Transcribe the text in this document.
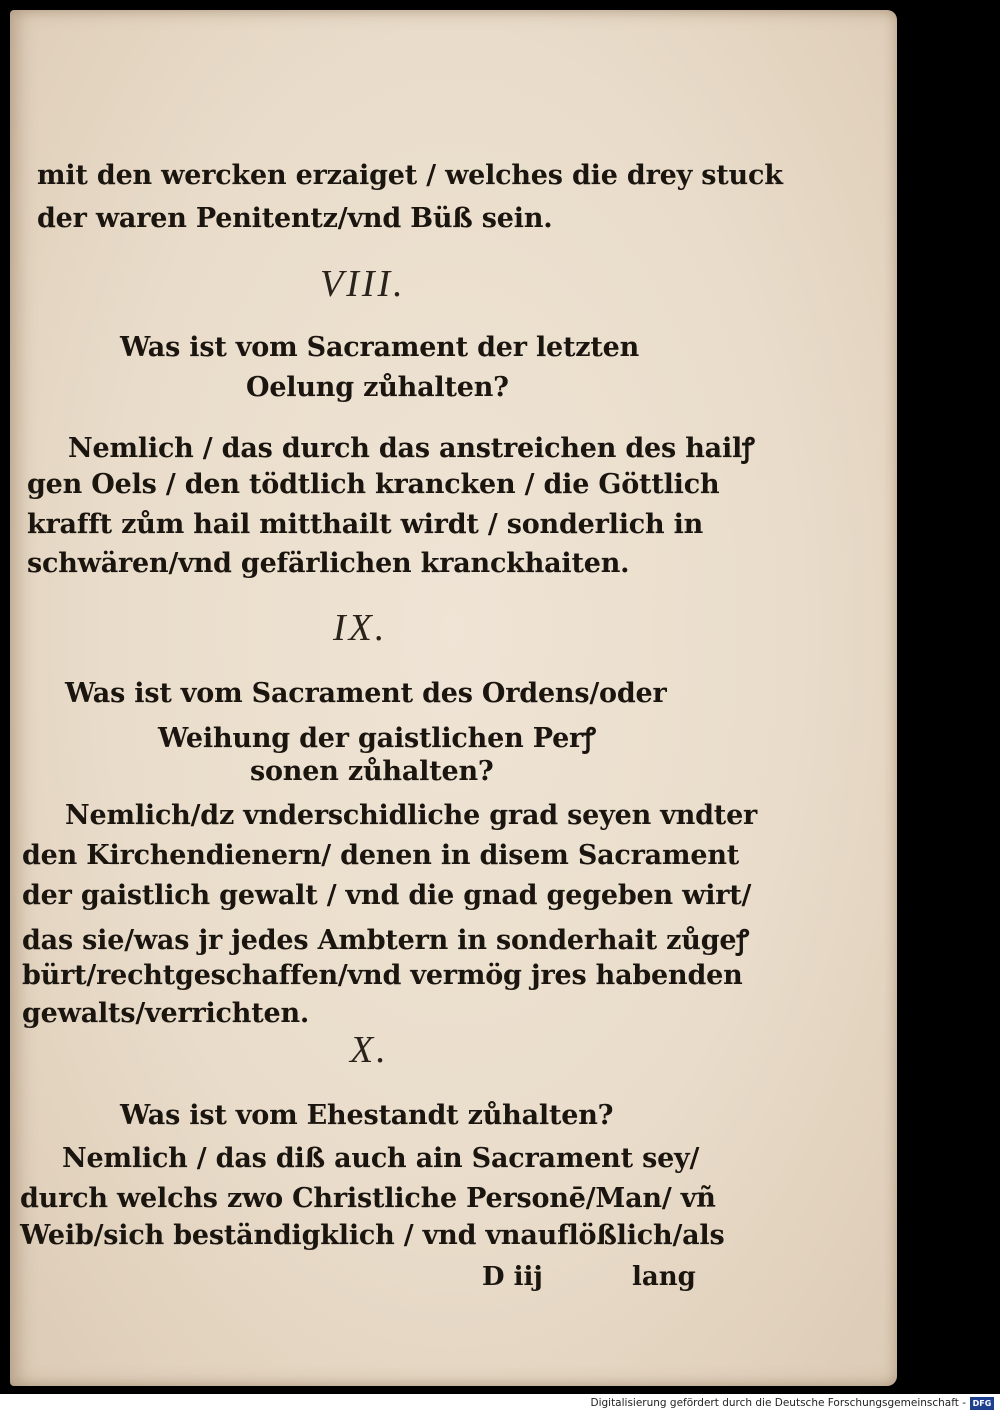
mit den wercken erzaiget / welches die drey stuck
der waren Penitentz/vnd Büß sein.
VIII.
Was ist vom Sacrament der letzten
Oelung zůhalten?
Nemlich / das durch das anstreichen des hailꝭ
gen Oels / den tödtlich krancken / die Göttlich
krafft zům hail mitthailt wirdt / sonderlich in
schwären/vnd gefärlichen kranckhaiten.
IX.
Was ist vom Sacrament des Ordens/oder
Weihung der gaistlichen Perꝭ
sonen zůhalten?
Nemlich/dz vnderschidliche grad seyen vndter
den Kirchendienern/ denen in disem Sacrament
der gaistlich gewalt / vnd die gnad gegeben wirt/
das sie/was jr jedes Ambtern in sonderhait zůgeꝭ
bürt/rechtgeschaffen/vnd vermög jres habenden
gewalts/verrichten.
X.
Was ist vom Ehestandt zůhalten?
Nemlich / das diß auch ain Sacrament sey/
durch welchs zwo Christliche Personē/Man/ vñ
Weib/sich beständigklich / vnd vnauflößlich/als
D iij	lang
Digitalisierung gefördert durch die Deutsche Forschungsgemeinschaft - DFG
